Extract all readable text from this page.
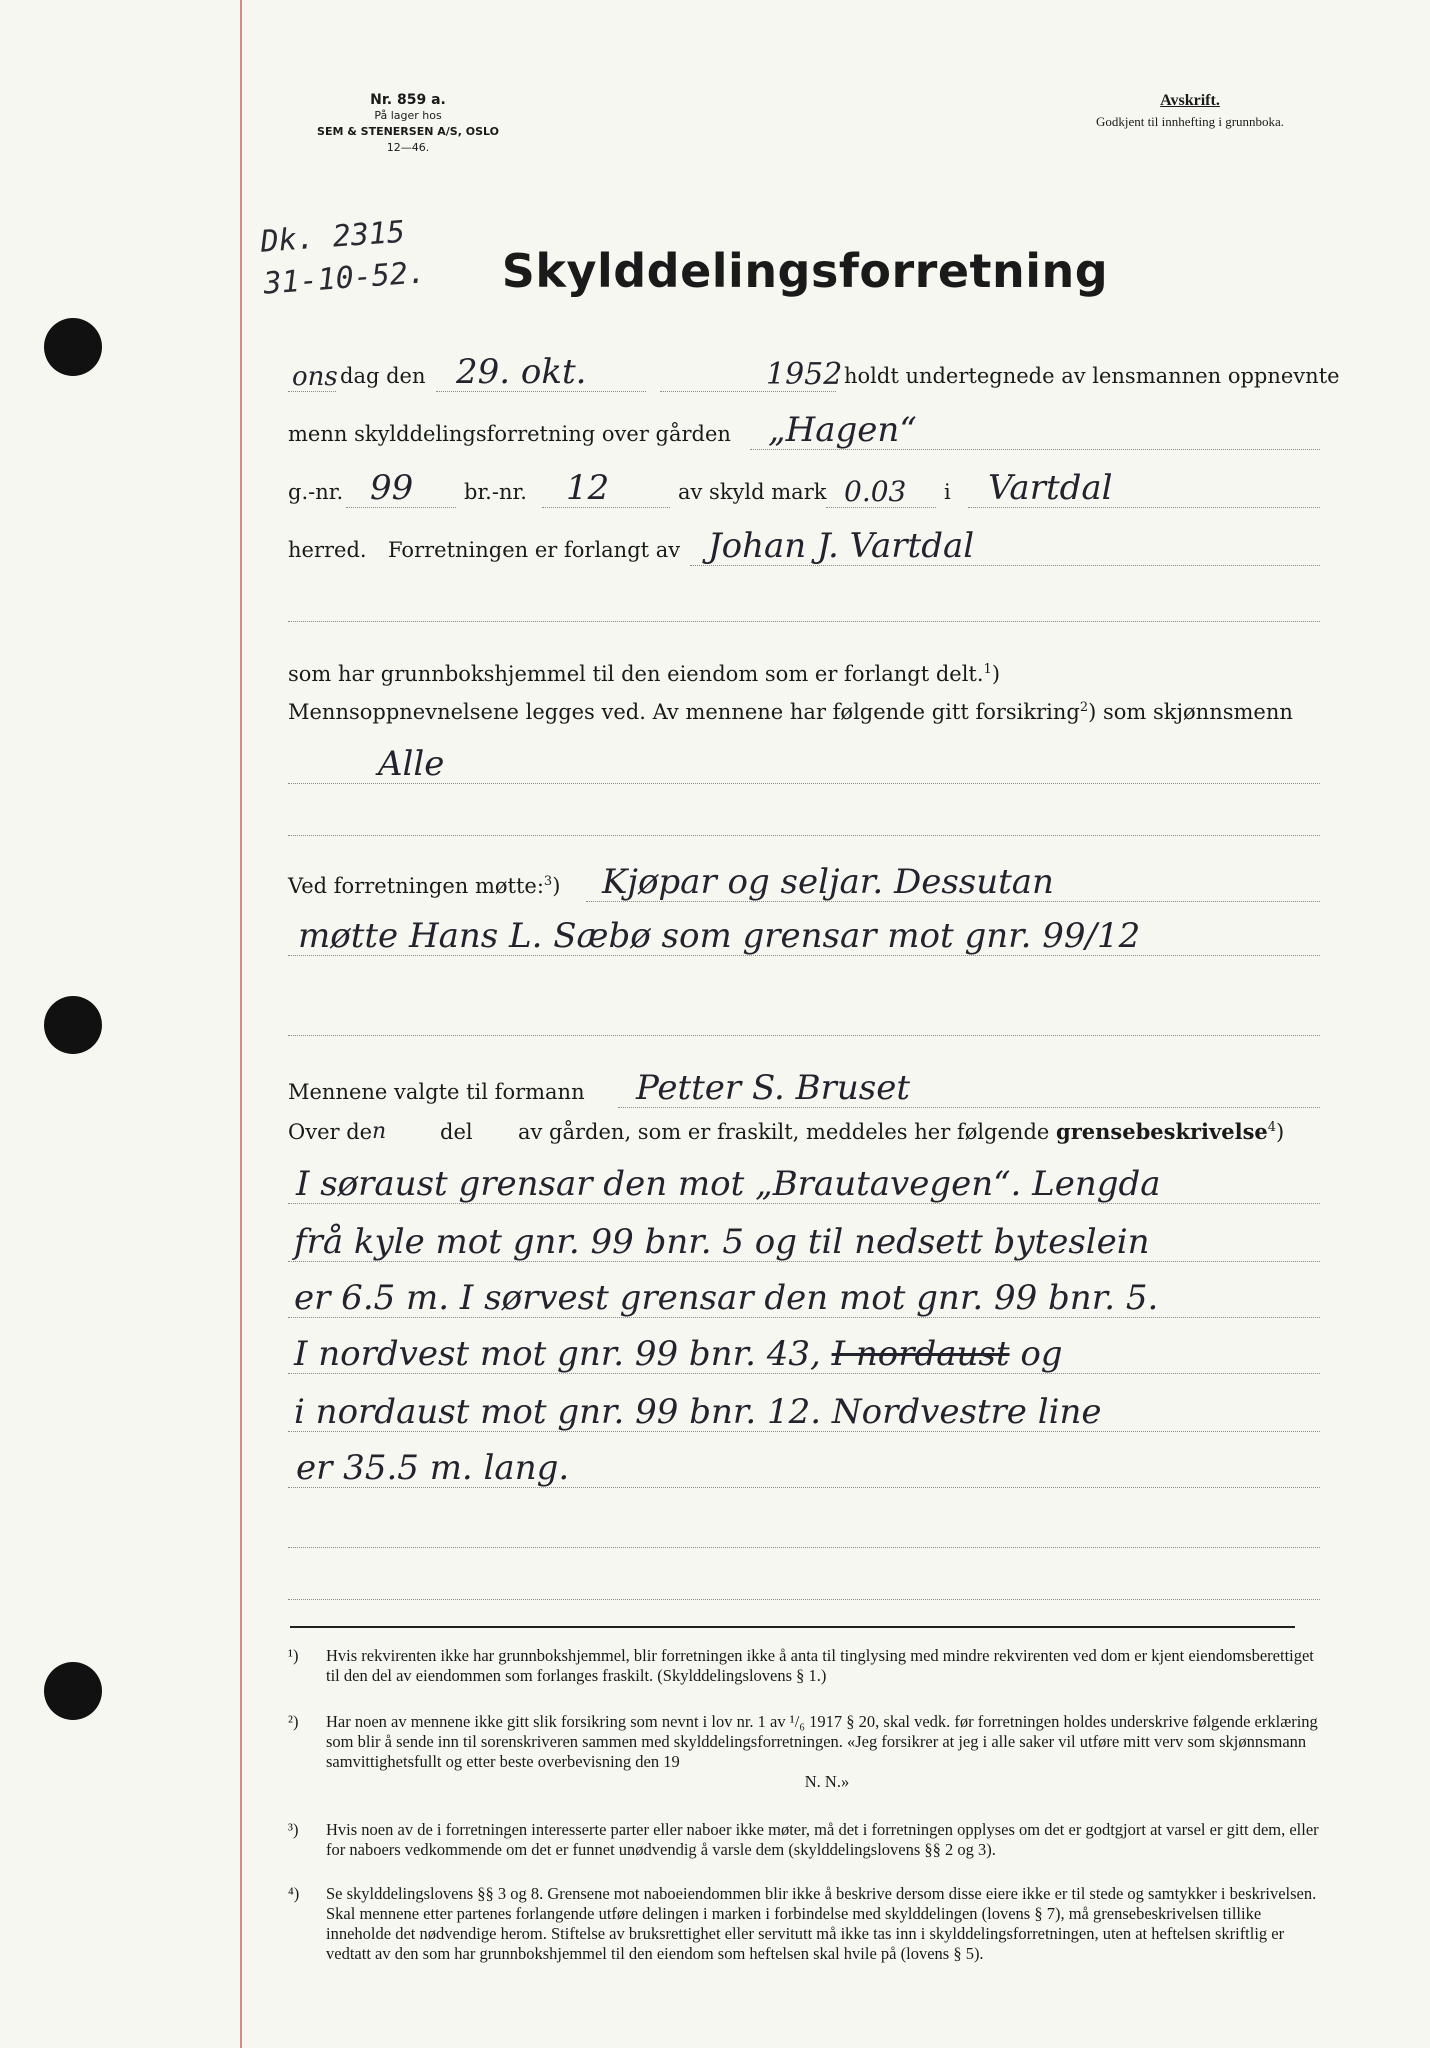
Nr. 859 a.
På lager hos
SEM & STENERSEN A/S, OSLO
12—46.
Avskrift.
Godkjent til innhefting i grunnboka.
Dk. 2315
31-10-52.	Skylddelingsforretning
ons dag den 29. okt.	1952 holdt undertegnede av lensmannen oppnevnte
menn skylddelingsforretning over gården „Hagen“
g.-nr. 99 br.-nr. 12	av skyld mark 0.03 i Vartdal
herred. Forretningen er forlangt av Johan J. Vartdal
som har grunnbokshjemmel til den eiendom som er forlangt delt.$^1$)
Mennsoppnevnelsene legges ved. Av mennene har følgende gitt forsikring$^2$) som skjønnsmenn
Alle
Ved forretningen møtte:$^3$) Kjøpar og seljar. Dessutan
møtte Hans L. Sæbø som grensar mot gnr. 99/12
Mennene valgte til formann Petter S. Bruset
Over de n	del av gården, som er fraskilt, meddeles her følgende grensebeskrivelse$^4$)
I søraust grensar den mot „Brautavegen“. Lengda
frå kyle mot gnr. 99 bnr. 5 og til nedsett byteslein
er 6.5 m. I sørvest grensar den mot gnr. 99 bnr. 5.
I nordvest mot gnr. 99 bnr. 43, I nordaust og
i nordaust mot gnr. 99 bnr. 12. Nordvestre line
er 35.5 m. lang.
¹)	Hvis rekvirenten ikke har grunnbokshjemmel, blir forretningen ikke å anta til tinglysing med mindre rekvirenten ved dom er kjent eiendomsberettiget til den del av eiendommen som forlanges fraskilt. (Skylddelingslovens § 1.)
²)	Har noen av mennene ikke gitt slik forsikring som nevnt i lov nr. 1 av ¹/₆ 1917 § 20, skal vedk. før forretningen holdes underskrive følgende erklæring som blir å sende inn til sorenskriveren sammen med skylddelingsforretningen. «Jeg forsikrer at jeg i alle saker vil utføre mitt verv som skjønnsmann samvittighetsfullt og etter beste overbevisning den 19
N. N.»
³)	Hvis noen av de i forretningen interesserte parter eller naboer ikke møter, må det i forretningen opplyses om det er godtgjort at varsel er gitt dem, eller for naboers vedkommende om det er funnet unødvendig å varsle dem (skylddelingslovens §§ 2 og 3).
⁴)	Se skylddelingslovens §§ 3 og 8. Grensene mot naboeiendommen blir ikke å beskrive dersom disse eiere ikke er til stede og samtykker i beskrivelsen. Skal mennene etter partenes forlangende utføre delingen i marken i forbindelse med skylddelingen (lovens § 7), må grensebeskrivelsen tillike inneholde det nødvendige herom. Stiftelse av bruksrettighet eller servitutt må ikke tas inn i skylddelingsforretningen, uten at heftelsen skriftlig er vedtatt av den som har grunnbokshjemmel til den eiendom som heftelsen skal hvile på (lovens § 5).
